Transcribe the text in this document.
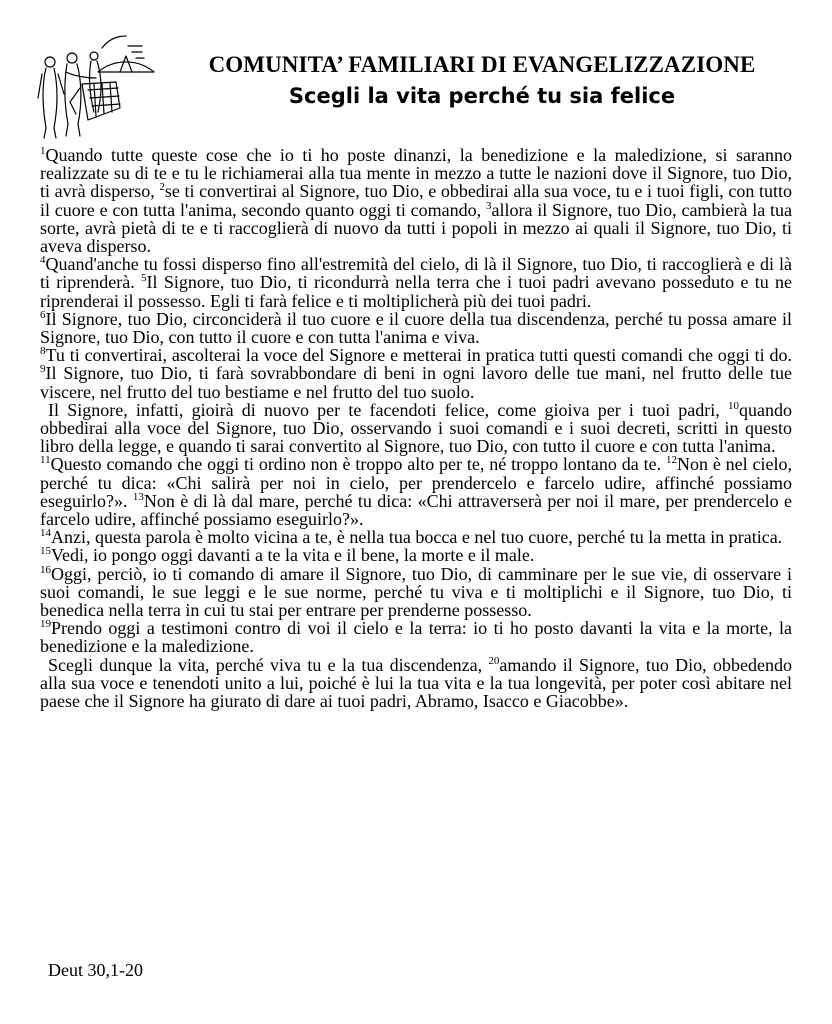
COMUNITA’ FAMILIARI DI EVANGELIZZAZIONE
Scegli la vita perché tu sia felice

$^1$Quando tutte queste cose che io ti ho poste dinanzi, la benedizione e la maledizione, si saranno realizzate su di te e tu le richiamerai alla tua mente in mezzo a tutte le nazioni dove il Signore, tuo Dio, ti avrà disperso, $^2$se ti convertirai al Signore, tuo Dio, e obbedirai alla sua voce, tu e i tuoi figli, con tutto il cuore e con tutta l'anima, secondo quanto oggi ti comando, $^3$allora il Signore, tuo Dio, cambierà la tua sorte, avrà pietà di te e ti raccoglierà di nuovo da tutti i popoli in mezzo ai quali il Signore, tuo Dio, ti aveva disperso.

$^4$Quand'anche tu fossi disperso fino all'estremità del cielo, di là il Signore, tuo Dio, ti raccoglierà e di là ti riprenderà. $^5$Il Signore, tuo Dio, ti ricondurrà nella terra che i tuoi padri avevano posseduto e tu ne riprenderai il possesso. Egli ti farà felice e ti moltiplicherà più dei tuoi padri.

$^6$Il Signore, tuo Dio, circonciderà il tuo cuore e il cuore della tua discendenza, perché tu possa amare il Signore, tuo Dio, con tutto il cuore e con tutta l'anima e viva.

$^8$Tu ti convertirai, ascolterai la voce del Signore e metterai in pratica tutti questi comandi che oggi ti do. $^9$Il Signore, tuo Dio, ti farà sovrabbondare di beni in ogni lavoro delle tue mani, nel frutto delle tue viscere, nel frutto del tuo bestiame e nel frutto del tuo suolo.

Il Signore, infatti, gioirà di nuovo per te facendoti felice, come gioiva per i tuoi padri, $^{10}$quando obbedirai alla voce del Signore, tuo Dio, osservando i suoi comandi e i suoi decreti, scritti in questo libro della legge, e quando ti sarai convertito al Signore, tuo Dio, con tutto il cuore e con tutta l'anima.

$^{11}$Questo comando che oggi ti ordino non è troppo alto per te, né troppo lontano da te. $^{12}$Non è nel cielo, perché tu dica: «Chi salirà per noi in cielo, per prendercelo e farcelo udire, affinché possiamo eseguirlo?». $^{13}$Non è di là dal mare, perché tu dica: «Chi attraverserà per noi il mare, per prendercelo e farcelo udire, affinché possiamo eseguirlo?».

$^{14}$Anzi, questa parola è molto vicina a te, è nella tua bocca e nel tuo cuore, perché tu la metta in pratica.

$^{15}$Vedi, io pongo oggi davanti a te la vita e il bene, la morte e il male.

$^{16}$Oggi, perciò, io ti comando di amare il Signore, tuo Dio, di camminare per le sue vie, di osservare i suoi comandi, le sue leggi e le sue norme, perché tu viva e ti moltiplichi e il Signore, tuo Dio, ti benedica nella terra in cui tu stai per entrare per prenderne possesso.

$^{19}$Prendo oggi a testimoni contro di voi il cielo e la terra: io ti ho posto davanti la vita e la morte, la benedizione e la maledizione.

Scegli dunque la vita, perché viva tu e la tua discendenza, $^{20}$amando il Signore, tuo Dio, obbedendo alla sua voce e tenendoti unito a lui, poiché è lui la tua vita e la tua longevità, per poter così abitare nel paese che il Signore ha giurato di dare ai tuoi padri, Abramo, Isacco e Giacobbe».

Deut 30,1-20
